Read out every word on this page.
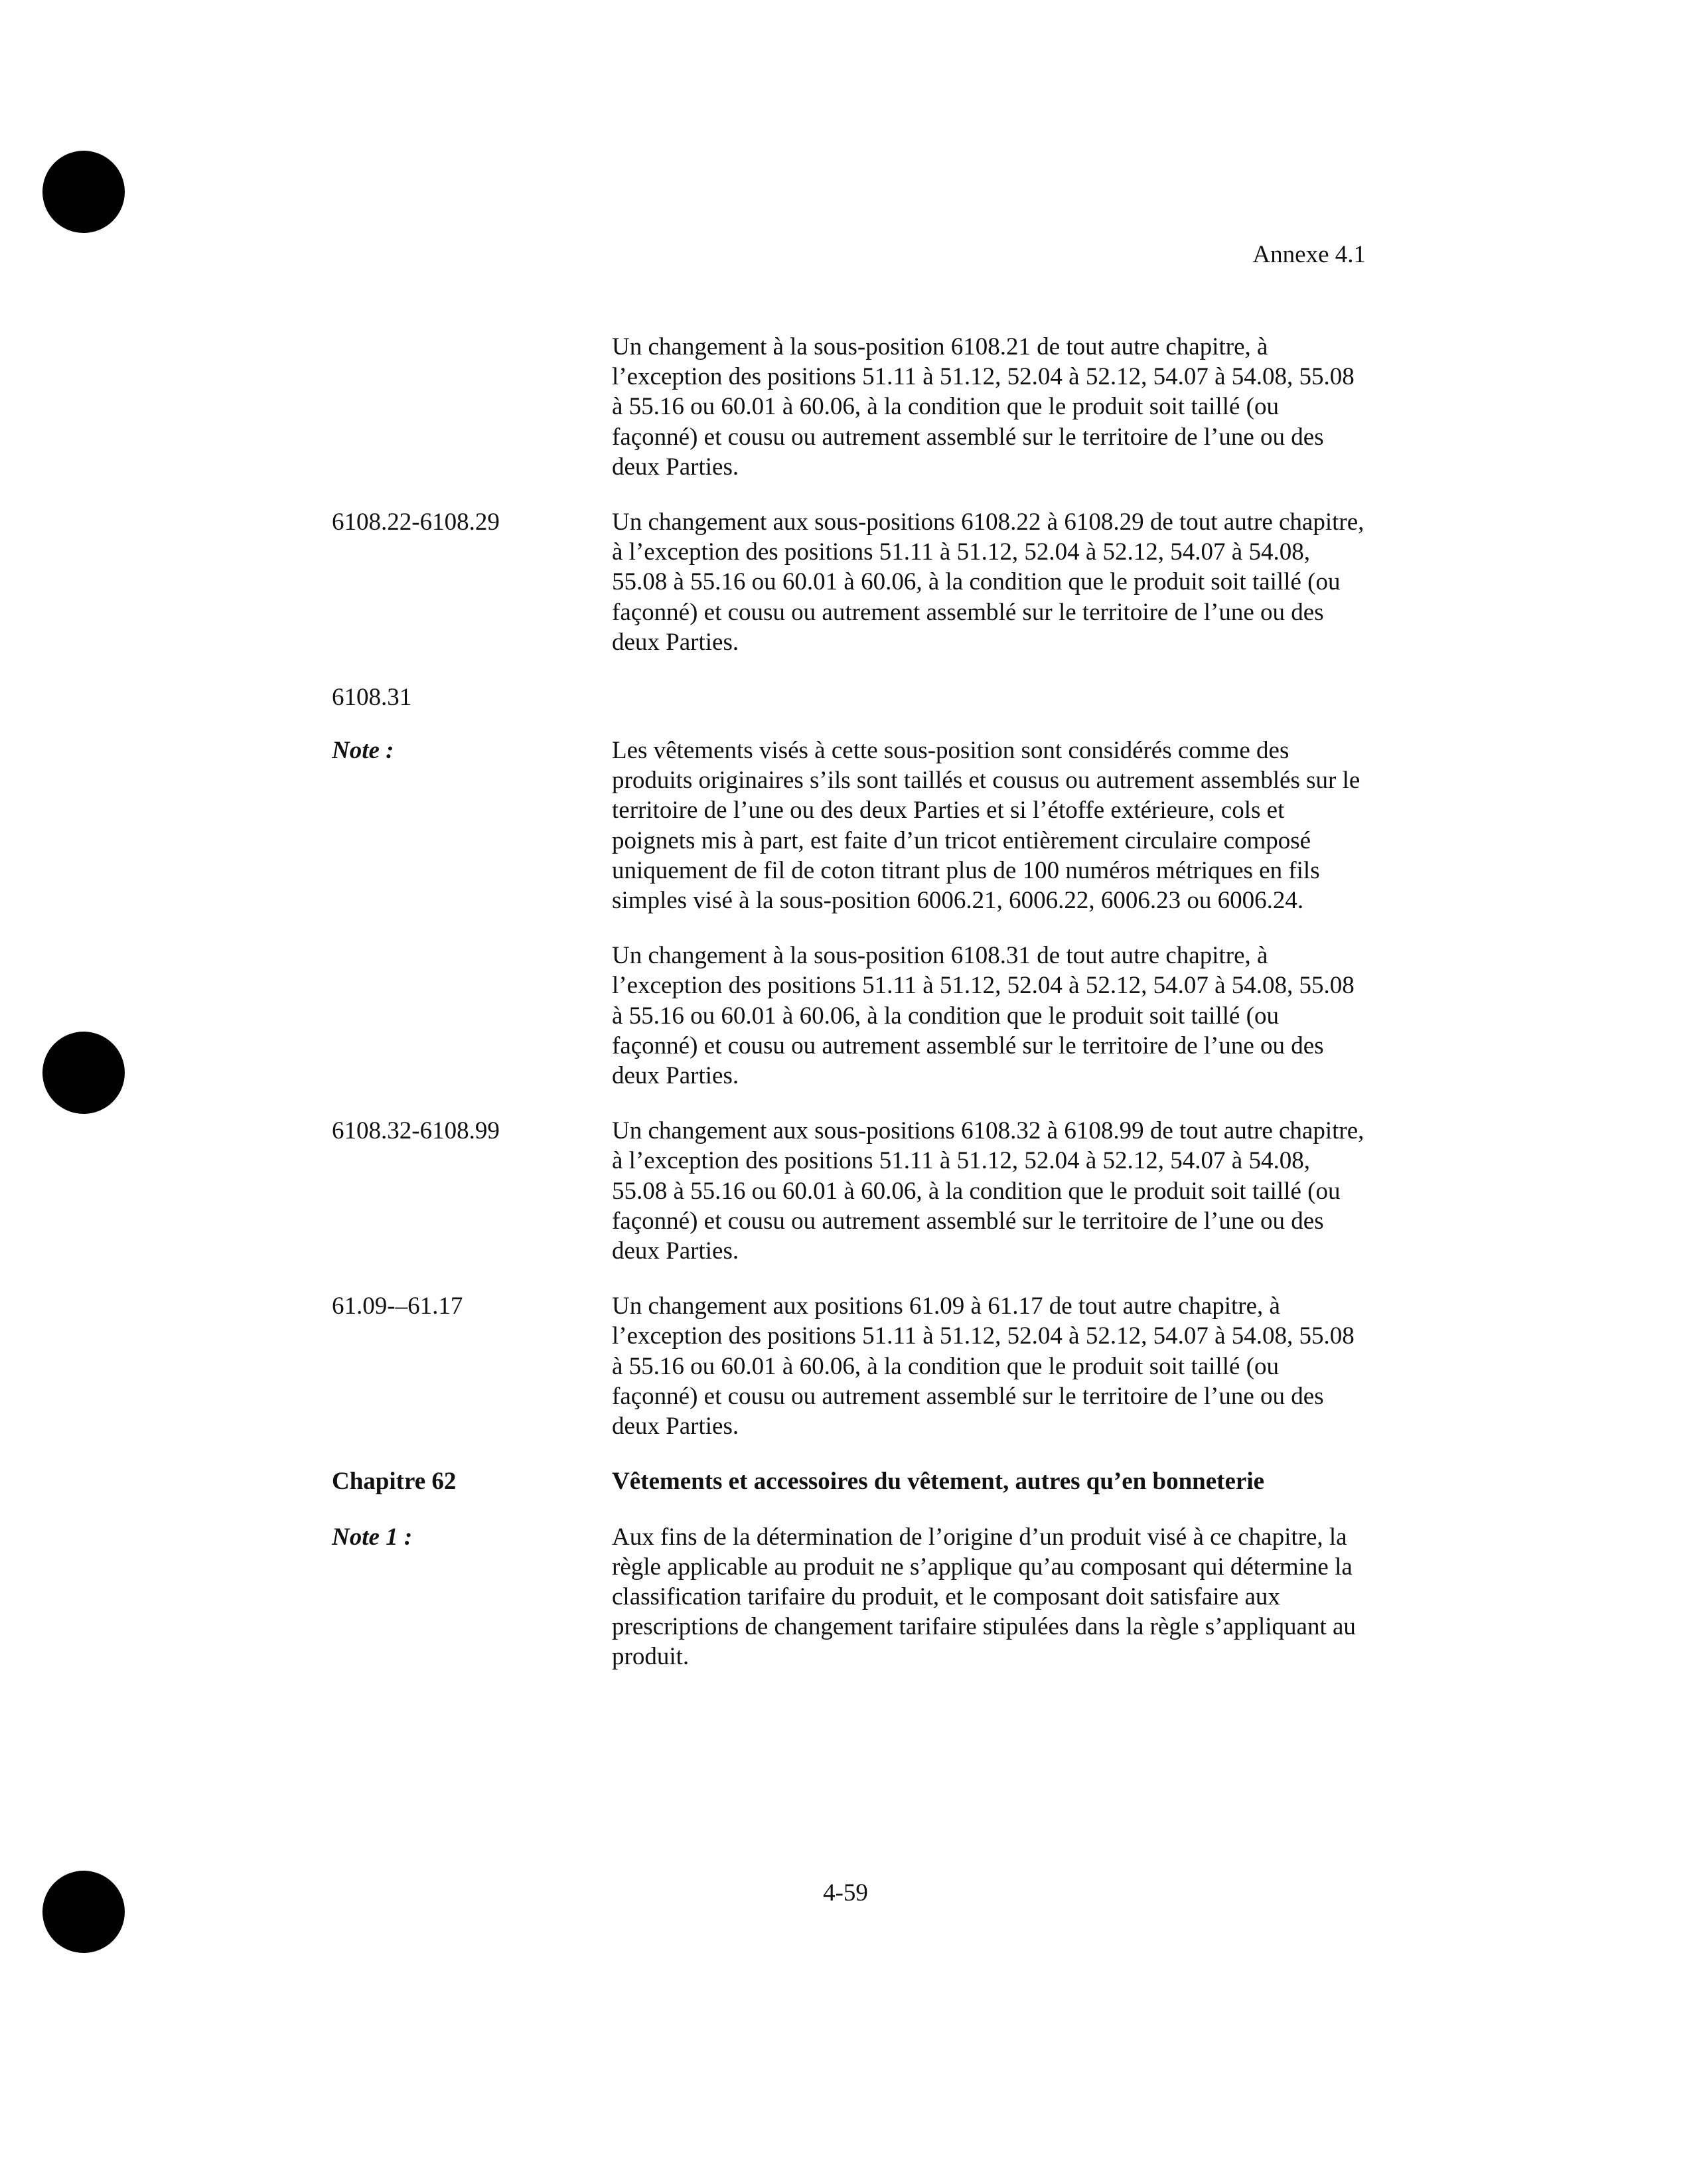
Annexe 4.1
Un changement à la sous-position 6108.21 de tout autre chapitre, à l’exception des positions 51.11 à 51.12, 52.04 à 52.12, 54.07 à 54.08, 55.08 à 55.16 ou 60.01 à 60.06, à la condition que le produit soit taillé (ou façonné) et cousu ou autrement assemblé sur le territoire de l’une ou des deux Parties.
6108.22-6108.29	Un changement aux sous-positions 6108.22 à 6108.29 de tout autre chapitre, à l’exception des positions 51.11 à 51.12, 52.04 à 52.12, 54.07 à 54.08, 55.08 à 55.16 ou 60.01 à 60.06, à la condition que le produit soit taillé (ou façonné) et cousu ou autrement assemblé sur le territoire de l’une ou des deux Parties.
6108.31
Note :	Les vêtements visés à cette sous-position sont considérés comme des produits originaires s’ils sont taillés et cousus ou autrement assemblés sur le territoire de l’une ou des deux Parties et si l’étoffe extérieure, cols et poignets mis à part, est faite d’un tricot entièrement circulaire composé uniquement de fil de coton titrant plus de 100 numéros métriques en fils simples visé à la sous-position 6006.21, 6006.22, 6006.23 ou 6006.24.
Un changement à la sous-position 6108.31 de tout autre chapitre, à l’exception des positions 51.11 à 51.12, 52.04 à 52.12, 54.07 à 54.08, 55.08 à 55.16 ou 60.01 à 60.06, à la condition que le produit soit taillé (ou façonné) et cousu ou autrement assemblé sur le territoire de l’une ou des deux Parties.
6108.32-6108.99	Un changement aux sous-positions 6108.32 à 6108.99 de tout autre chapitre, à l’exception des positions 51.11 à 51.12, 52.04 à 52.12, 54.07 à 54.08, 55.08 à 55.16 ou 60.01 à 60.06, à la condition que le produit soit taillé (ou façonné) et cousu ou autrement assemblé sur le territoire de l’une ou des deux Parties.
61.09-–61.17	Un changement aux positions 61.09 à 61.17 de tout autre chapitre, à l’exception des positions 51.11 à 51.12, 52.04 à 52.12, 54.07 à 54.08, 55.08 à 55.16 ou 60.01 à 60.06, à la condition que le produit soit taillé (ou façonné) et cousu ou autrement assemblé sur le territoire de l’une ou des deux Parties.
Chapitre 62	Vêtements et accessoires du vêtement, autres qu’en bonneterie
Note 1 :	Aux fins de la détermination de l’origine d’un produit visé à ce chapitre, la règle applicable au produit ne s’applique qu’au composant qui détermine la classification tarifaire du produit, et le composant doit satisfaire aux prescriptions de changement tarifaire stipulées dans la règle s’appliquant au produit.
4-59
